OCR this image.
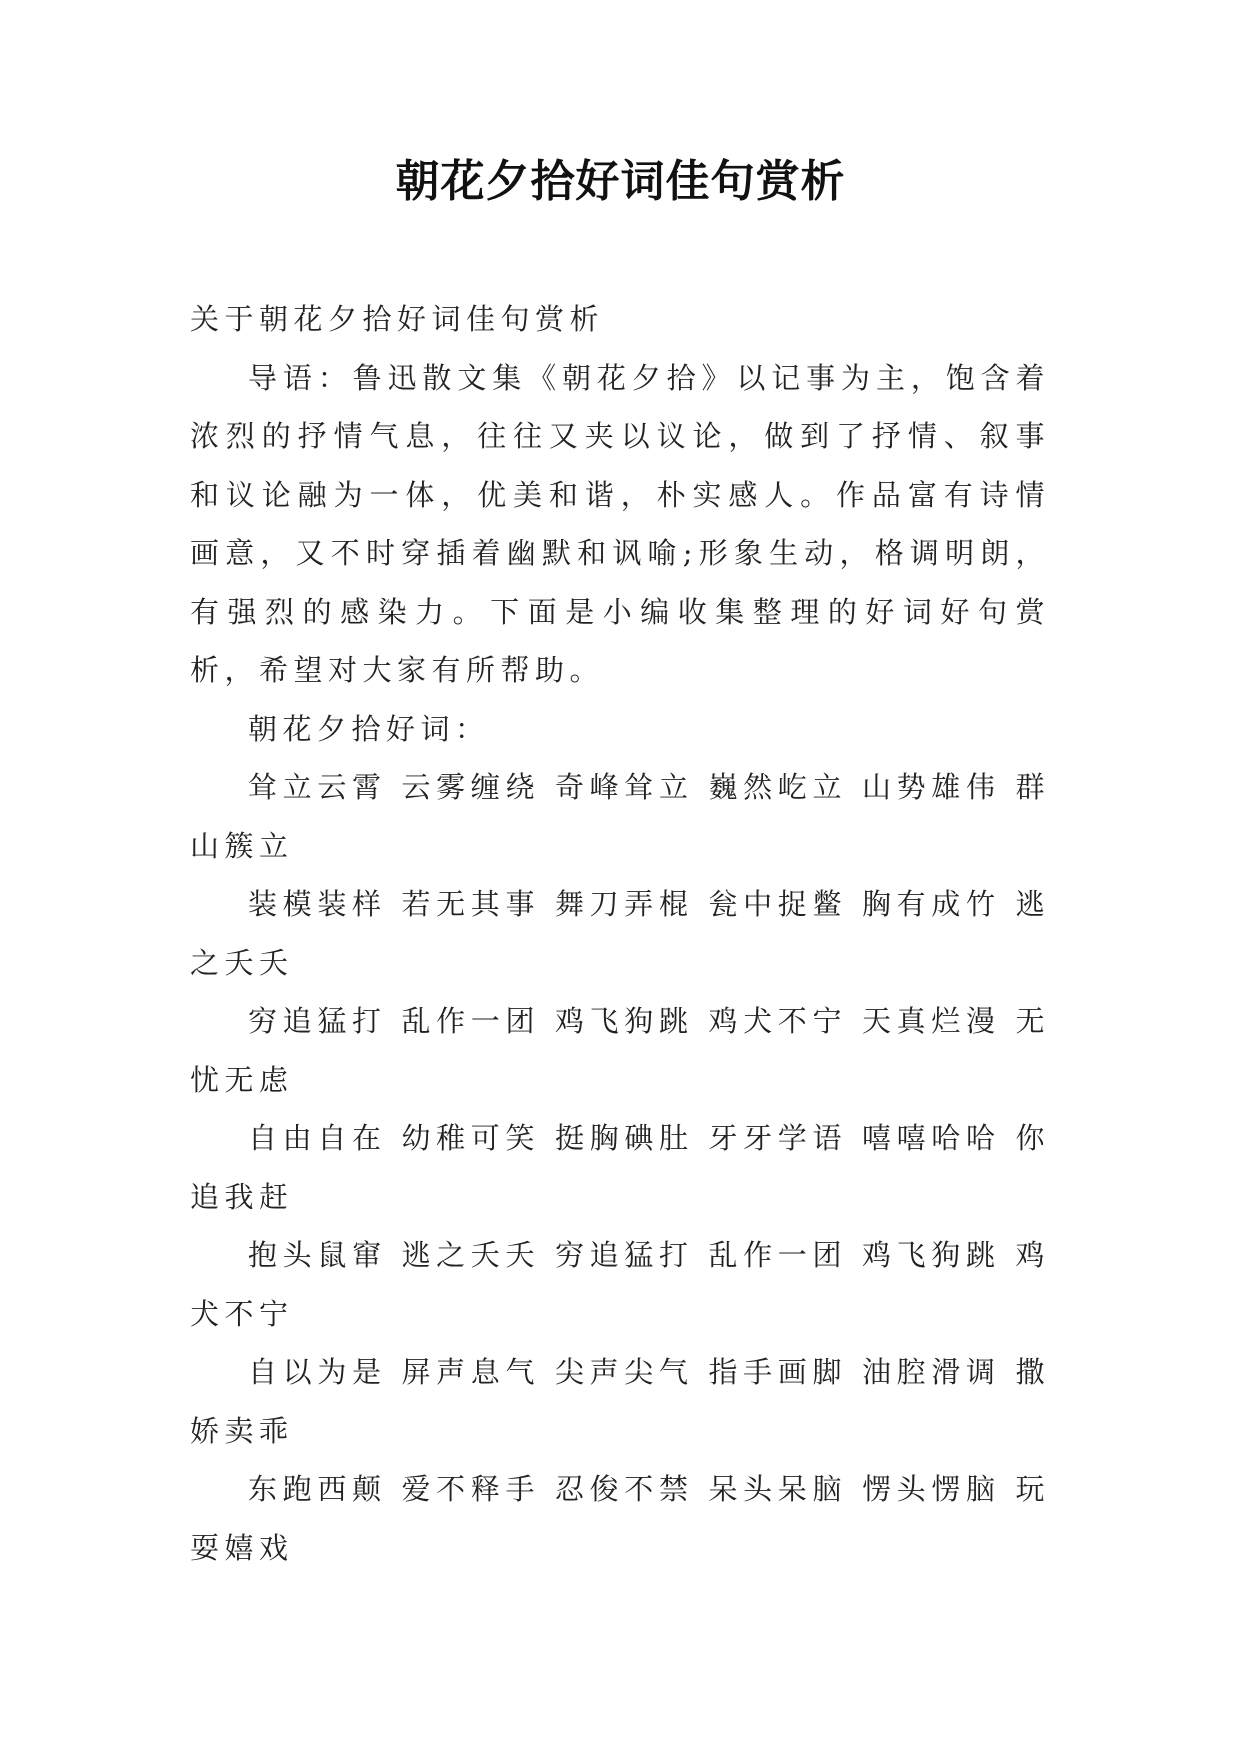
朝花夕拾好词佳句赏析

关于朝花夕拾好词佳句赏析

导语：鲁迅散文集《朝花夕拾》以记事为主，饱含着浓烈的抒情气息，往往又夹以议论，做到了抒情、叙事和议论融为一体，优美和谐，朴实感人。作品富有诗情画意，又不时穿插着幽默和讽喻;形象生动，格调明朗，有强烈的感染力。下面是小编收集整理的好词好句赏析，希望对大家有所帮助。

朝花夕拾好词：

耸立云霄 云雾缠绕 奇峰耸立 巍然屹立 山势雄伟 群山簇立

装模装样 若无其事 舞刀弄棍 瓮中捉鳖 胸有成竹 逃之夭夭

穷追猛打 乱作一团 鸡飞狗跳 鸡犬不宁 天真烂漫 无忧无虑

自由自在 幼稚可笑 挺胸碘肚 牙牙学语 嘻嘻哈哈 你追我赶

抱头鼠窜 逃之夭夭 穷追猛打 乱作一团 鸡飞狗跳 鸡犬不宁

自以为是 屏声息气 尖声尖气 指手画脚 油腔滑调 撒娇卖乖

东跑西颠 爱不释手 忍俊不禁 呆头呆脑 愣头愣脑 玩耍嬉戏
